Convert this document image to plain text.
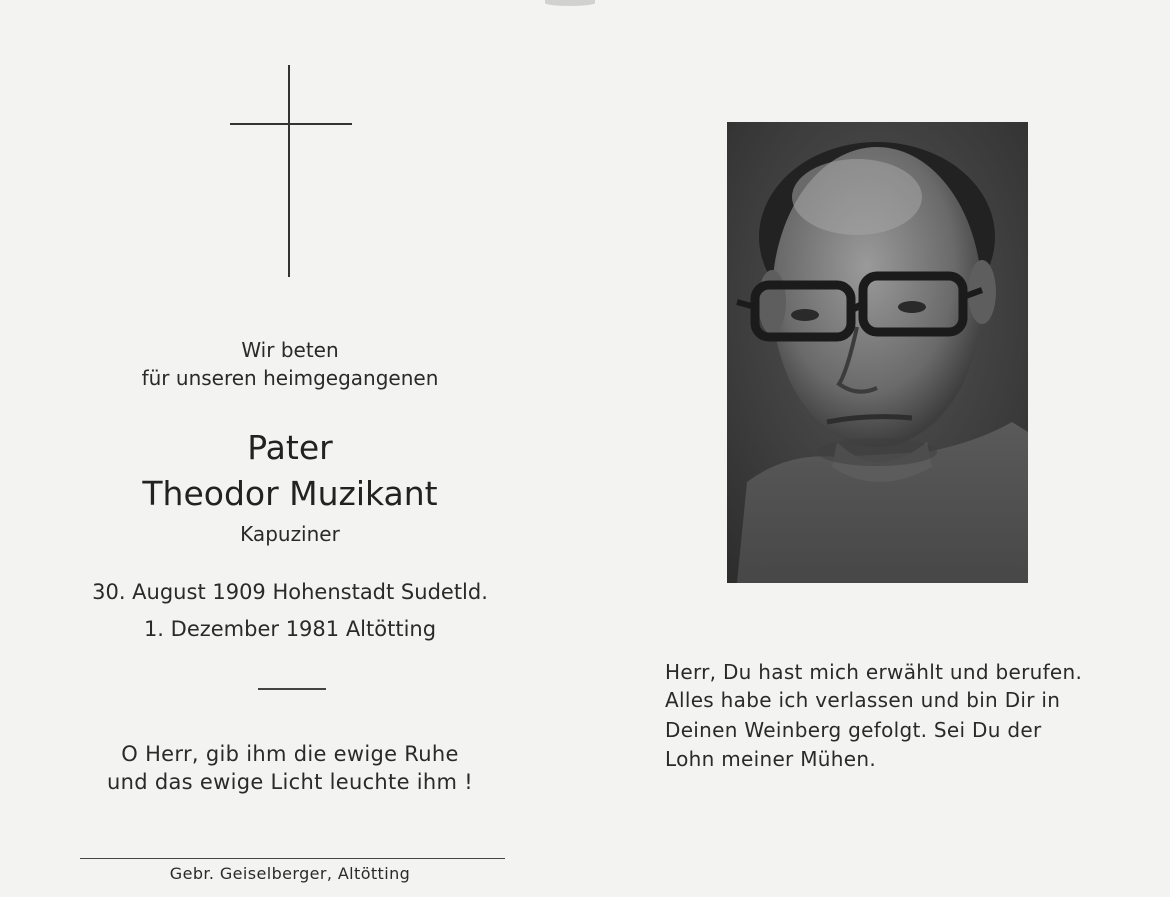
Wir beten
für unseren heimgegangenen
Pater
Theodor Muzikant
Kapuziner
30. August 1909 Hohenstadt Sudetld.
1. Dezember 1981 Altötting
O Herr, gib ihm die ewige Ruhe
und das ewige Licht leuchte ihm !
Gebr. Geiselberger, Altötting
Herr, Du hast mich erwählt und berufen.
Alles habe ich verlassen und bin Dir in
Deinen Weinberg gefolgt. Sei Du der
Lohn meiner Mühen.
